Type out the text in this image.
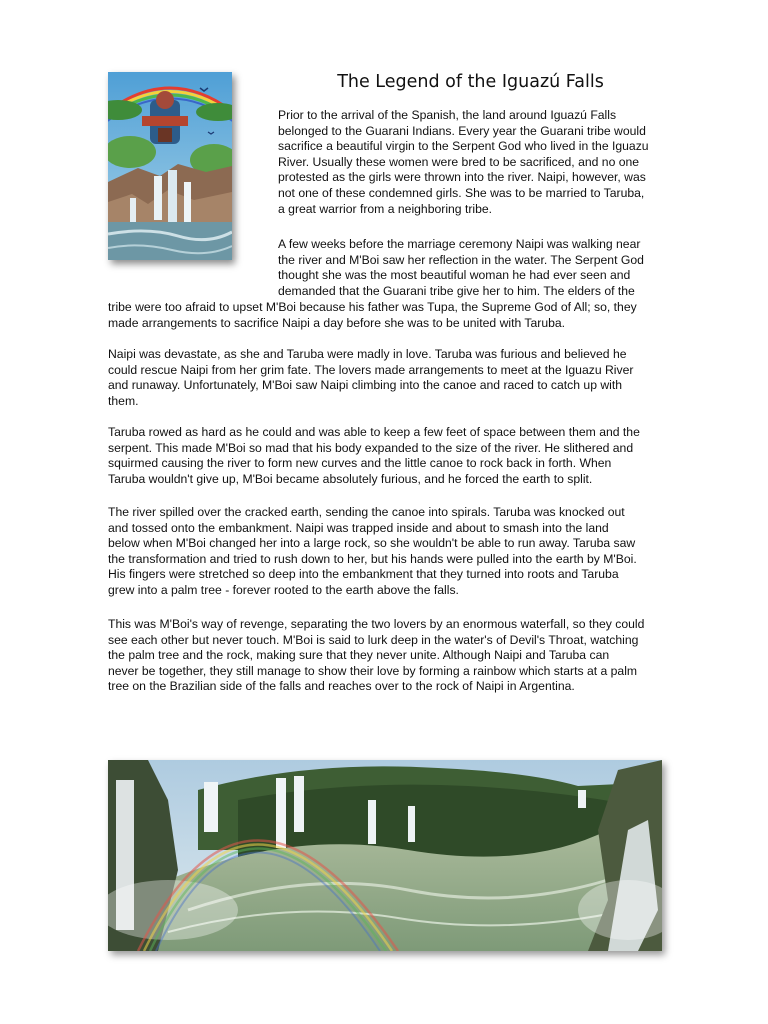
The Legend of the Iguazú Falls

Prior to the arrival of the Spanish, the land around Iguazú Falls
belonged to the Guarani Indians. Every year the Guarani tribe would
sacrifice a beautiful virgin to the Serpent God who lived in the Iguazu
River. Usually these women were bred to be sacrificed, and no one
protested as the girls were thrown into the river. Naipi, however, was
not one of these condemned girls. She was to be married to Taruba,
a great warrior from a neighboring tribe.

A few weeks before the marriage ceremony Naipi was walking near
the river and M'Boi saw her reflection in the water. The Serpent God
thought she was the most beautiful woman he had ever seen and
demanded that the Guarani tribe give her to him. The elders of the

tribe were too afraid to upset M'Boi because his father was Tupa, the Supreme God of All; so, they
made arrangements to sacrifice Naipi a day before she was to be united with Taruba.

Naipi was devastate, as she and Taruba were madly in love. Taruba was furious and believed he
could rescue Naipi from her grim fate. The lovers made arrangements to meet at the Iguazu River
and runaway. Unfortunately, M'Boi saw Naipi climbing into the canoe and raced to catch up with
them.

Taruba rowed as hard as he could and was able to keep a few feet of space between them and the
serpent. This made M'Boi so mad that his body expanded to the size of the river. He slithered and
squirmed causing the river to form new curves and the little canoe to rock back in forth. When
Taruba wouldn't give up, M'Boi became absolutely furious, and he forced the earth to split.

The river spilled over the cracked earth, sending the canoe into spirals. Taruba was knocked out
and tossed onto the embankment. Naipi was trapped inside and about to smash into the land
below when M'Boi changed her into a large rock, so she wouldn't be able to run away. Taruba saw
the transformation and tried to rush down to her, but his hands were pulled into the earth by M'Boi.
His fingers were stretched so deep into the embankment that they turned into roots and Taruba
grew into a palm tree - forever rooted to the earth above the falls.

This was M'Boi's way of revenge, separating the two lovers by an enormous waterfall, so they could
see each other but never touch. M'Boi is said to lurk deep in the water's of Devil's Throat, watching
the palm tree and the rock, making sure that they never unite. Although Naipi and Taruba can
never be together, they still manage to show their love by forming a rainbow which starts at a palm
tree on the Brazilian side of the falls and reaches over to the rock of Naipi in Argentina.
